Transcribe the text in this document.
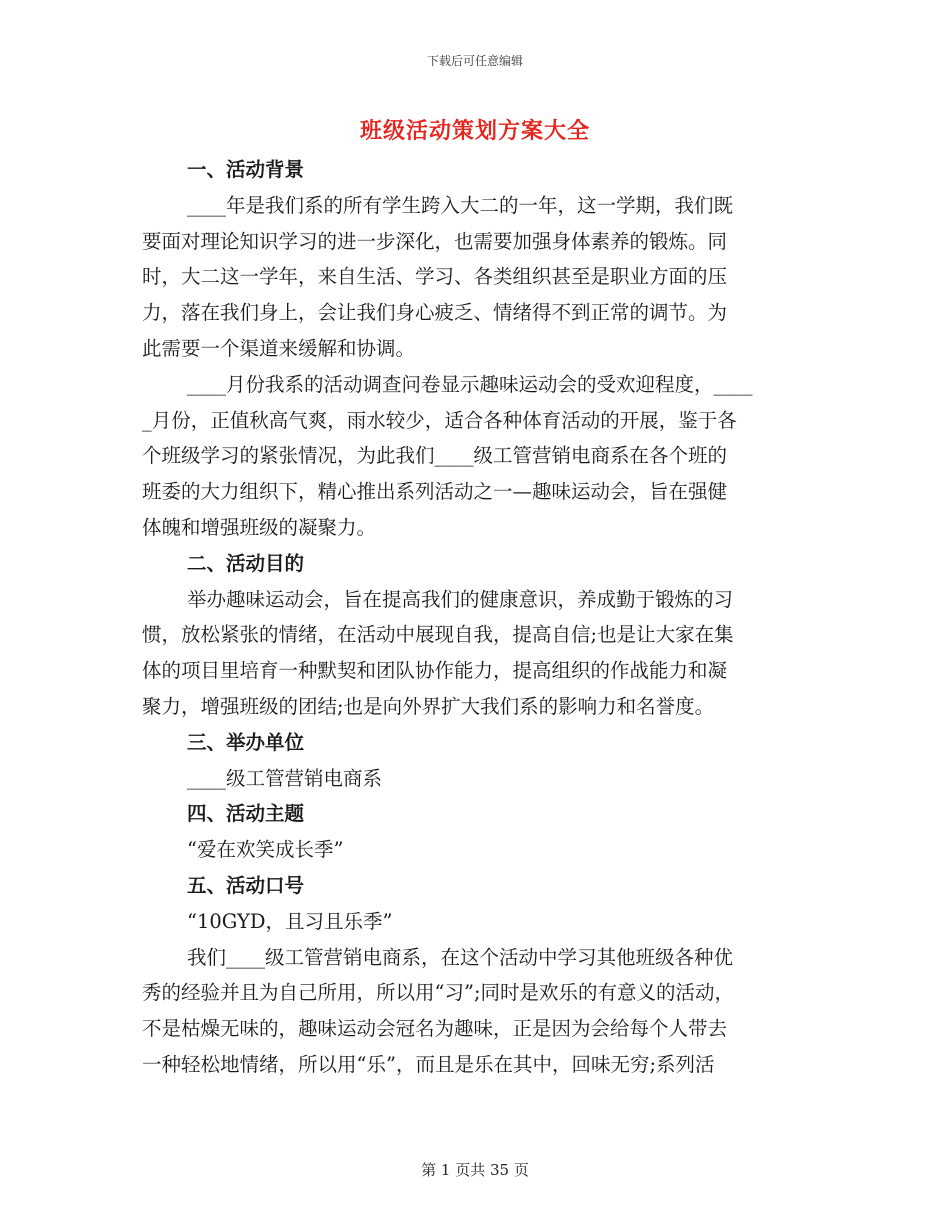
下载后可任意编辑
班级活动策划方案大全
一、活动背景
____年是我们系的所有学生跨入大二的一年，这一学期，我们既
要面对理论知识学习的进一步深化，也需要加强身体素养的锻炼。同
时，大二这一学年，来自生活、学习、各类组织甚至是职业方面的压
力，落在我们身上，会让我们身心疲乏、情绪得不到正常的调节。为
此需要一个渠道来缓解和协调。
____月份我系的活动调查问卷显示趣味运动会的受欢迎程度，____
_月份，正值秋高气爽，雨水较少，适合各种体育活动的开展，鉴于各
个班级学习的紧张情况，为此我们____级工管营销电商系在各个班的
班委的大力组织下，精心推出系列活动之一—趣味运动会，旨在强健
体魄和增强班级的凝聚力。
二、活动目的
举办趣味运动会，旨在提高我们的健康意识，养成勤于锻炼的习
惯，放松紧张的情绪，在活动中展现自我，提高自信;也是让大家在集
体的项目里培育一种默契和团队协作能力，提高组织的作战能力和凝
聚力，增强班级的团结;也是向外界扩大我们系的影响力和名誉度。
三、举办单位
____级工管营销电商系
四、活动主题
“爱在欢笑成长季”
五、活动口号
“10GYD，且习且乐季”
我们____级工管营销电商系，在这个活动中学习其他班级各种优
秀的经验并且为自己所用，所以用“习”;同时是欢乐的有意义的活动，
不是枯燥无味的，趣味运动会冠名为趣味，正是因为会给每个人带去
一种轻松地情绪，所以用“乐”，而且是乐在其中，回味无穷;系列活
第 1 页共 35 页
